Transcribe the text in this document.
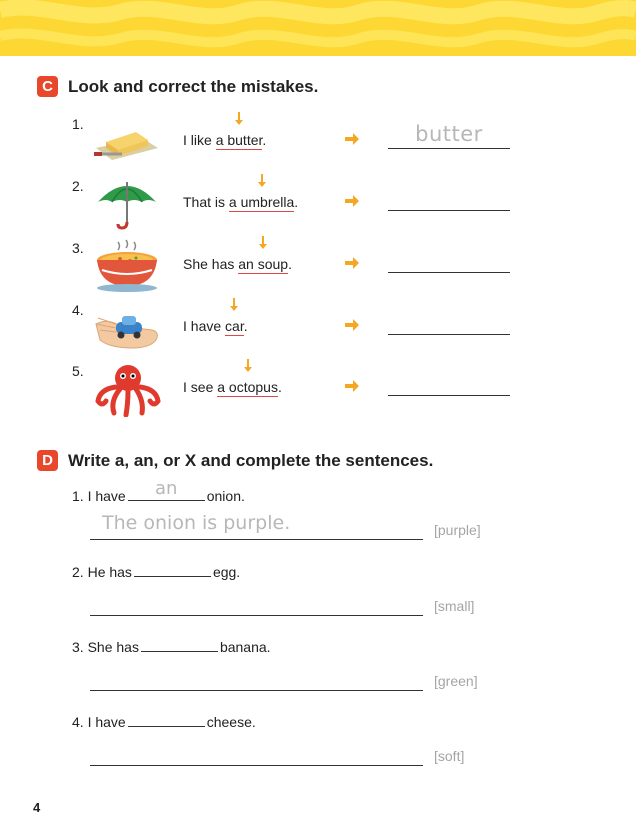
C Look and correct the mistakes.
1.
I like
a butter.	butter
2.
That is
a umbrella.
3.
She has
an soup.
4.
I have
car.
5.
I see
a octopus.
D Write a, an, or X and complete the sentences.
1. I have	an	onion.
The onion is purple.	[purple]
2. He has	egg.
[small]
3. She has	banana.
[green]
4. I have	cheese.
[soft]
4
